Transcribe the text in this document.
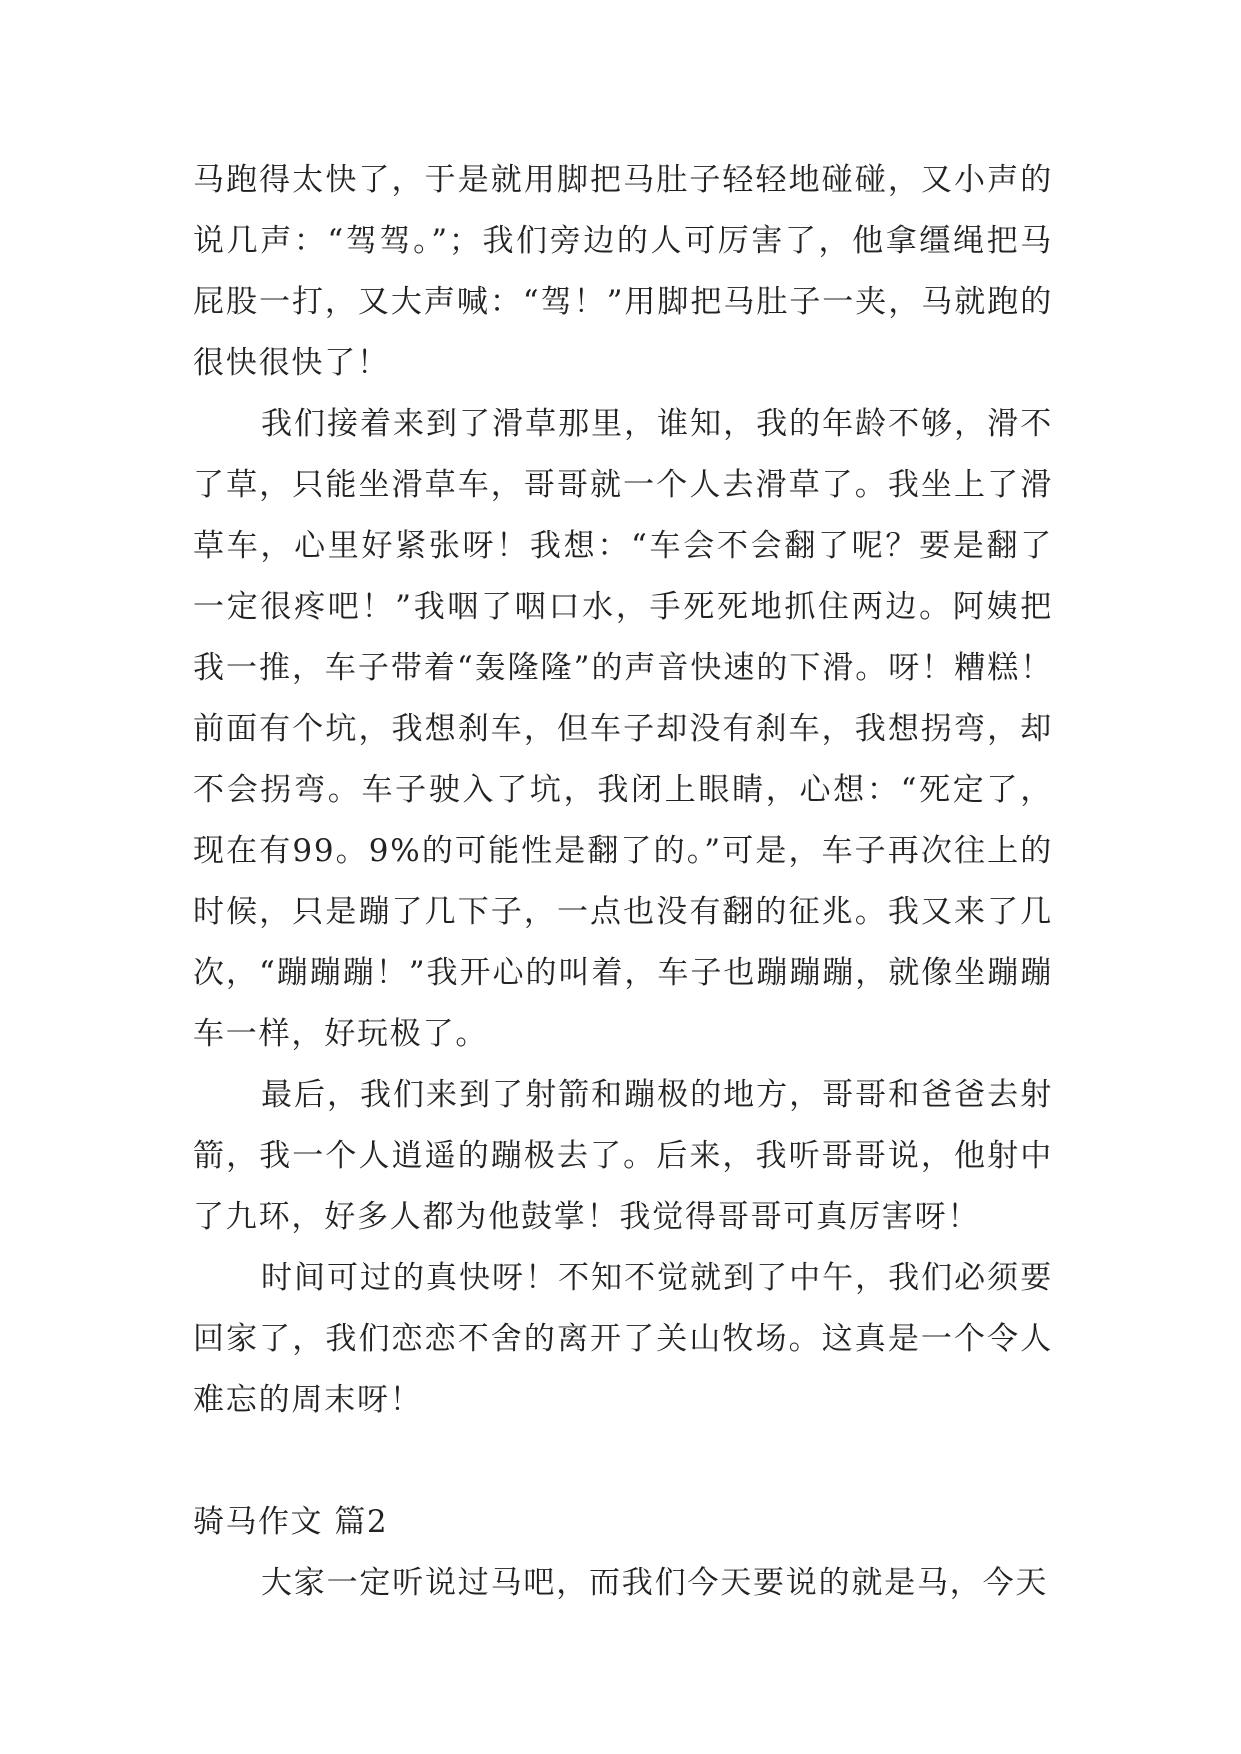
马跑得太快了，于是就用脚把马肚子轻轻地碰碰，又小声的说几声：“驾驾。”；我们旁边的人可厉害了，他拿缰绳把马屁股一打，又大声喊：“驾！”用脚把马肚子一夹，马就跑的很快很快了！

我们接着来到了滑草那里，谁知，我的年龄不够，滑不了草，只能坐滑草车，哥哥就一个人去滑草了。我坐上了滑草车，心里好紧张呀！我想：“车会不会翻了呢？要是翻了一定很疼吧！”我咽了咽口水，手死死地抓住两边。阿姨把我一推，车子带着“轰隆隆”的声音快速的下滑。呀！糟糕！前面有个坑，我想刹车，但车子却没有刹车，我想拐弯，却不会拐弯。车子驶入了坑，我闭上眼睛，心想：“死定了，现在有99。9%的可能性是翻了的。”可是，车子再次往上的时候，只是蹦了几下子，一点也没有翻的征兆。我又来了几次，“蹦蹦蹦！”我开心的叫着，车子也蹦蹦蹦，就像坐蹦蹦车一样，好玩极了。

最后，我们来到了射箭和蹦极的地方，哥哥和爸爸去射箭，我一个人逍遥的蹦极去了。后来，我听哥哥说，他射中了九环，好多人都为他鼓掌！我觉得哥哥可真厉害呀！

时间可过的真快呀！不知不觉就到了中午，我们必须要回家了，我们恋恋不舍的离开了关山牧场。这真是一个令人难忘的周末呀！

骑马作文 篇2

大家一定听说过马吧，而我们今天要说的就是马，今天
